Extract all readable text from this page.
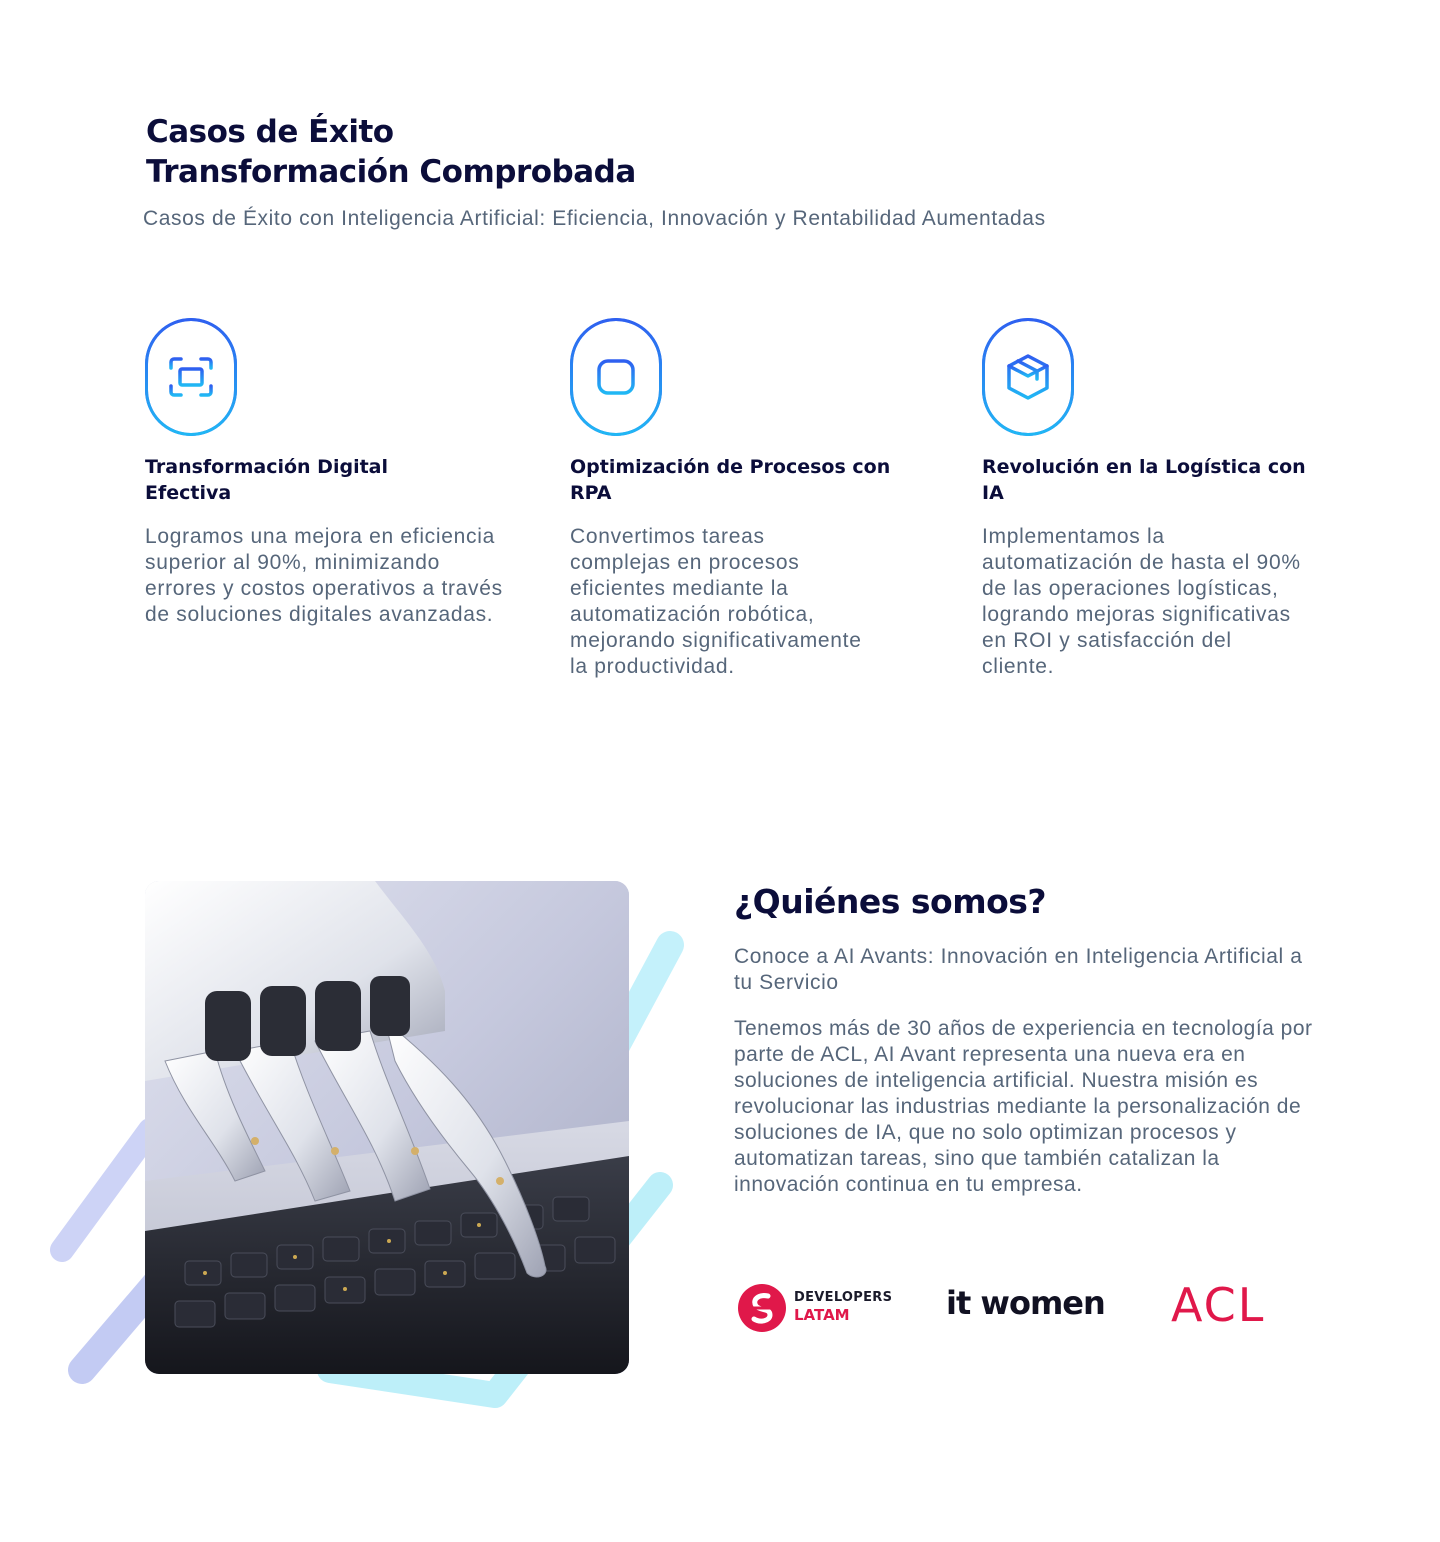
Casos de Éxito
Transformación Comprobada

Casos de Éxito con Inteligencia Artificial: Eficiencia, Innovación y Rentabilidad Aumentadas

Transformación Digital Efectiva

Logramos una mejora en eficiencia superior al 90%, minimizando errores y costos operativos a través de soluciones digitales avanzadas.

Optimización de Procesos con RPA

Convertimos tareas complejas en procesos eficientes mediante la automatización robótica, mejorando significativamente la productividad.

Revolución en la Logística con IA

Implementamos la automatización de hasta el 90% de las operaciones logísticas, logrando mejoras significativas en ROI y satisfacción del cliente.

¿Quiénes somos?

Conoce a AI Avants: Innovación en Inteligencia Artificial a tu Servicio

Tenemos más de 30 años de experiencia en tecnología por parte de ACL, AI Avant representa una nueva era en soluciones de inteligencia artificial. Nuestra misión es revolucionar las industrias mediante la personalización de soluciones de IA, que no solo optimizan procesos y automatizan tareas, sino que también catalizan la innovación continua en tu empresa.

DEVELOPERS
LATAM	it women ACL
